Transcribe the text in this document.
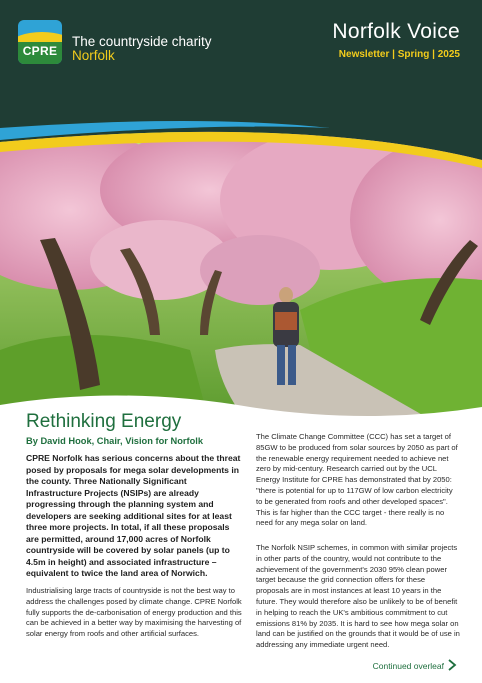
CPRE
The countryside charity
Norfolk
Norfolk Voice
Newsletter | Spring | 2025
Rethinking Energy
By David Hook, Chair, Vision for Norfolk
CPRE Norfolk has serious concerns about the threat posed by proposals for mega solar developments in the county. Three Nationally Significant Infrastructure Projects (NSIPs) are already progressing through the planning system and developers are seeking additional sites for at least three more projects. In total, if all these proposals are permitted, around 17,000 acres of Norfolk countryside will be covered by solar panels (up to 4.5m in height) and associated infrastructure – equivalent to twice the land area of Norwich.
Industrialising large tracts of countryside is not the best way to address the challenges posed by climate change. CPRE Norfolk fully supports the de-carbonisation of energy production and this can be achieved in a better way by maximising the harvesting of solar energy from roofs and other artificial surfaces.
The Climate Change Committee (CCC) has set a target of 85GW to be produced from solar sources by 2050 as part of the renewable energy requirement needed to achieve net zero by mid-century. Research carried out by the UCL Energy Institute for CPRE has demonstrated that by 2050: "there is potential for up to 117GW of low carbon electricity to be generated from roofs and other developed spaces". This is far higher than the CCC target - there really is no need for any mega solar on land.
The Norfolk NSIP schemes, in common with similar projects in other parts of the country, would not contribute to the achievement of the government's 2030 95% clean power target because the grid connection offers for these proposals are in most instances at least 10 years in the future. They would therefore also be unlikely to be of benefit in helping to reach the UK's ambitious commitment to cut emissions 81% by 2035. It is hard to see how mega solar on land can be justified on the grounds that it would be of use in addressing any immediate urgent need.
Continued overleaf
